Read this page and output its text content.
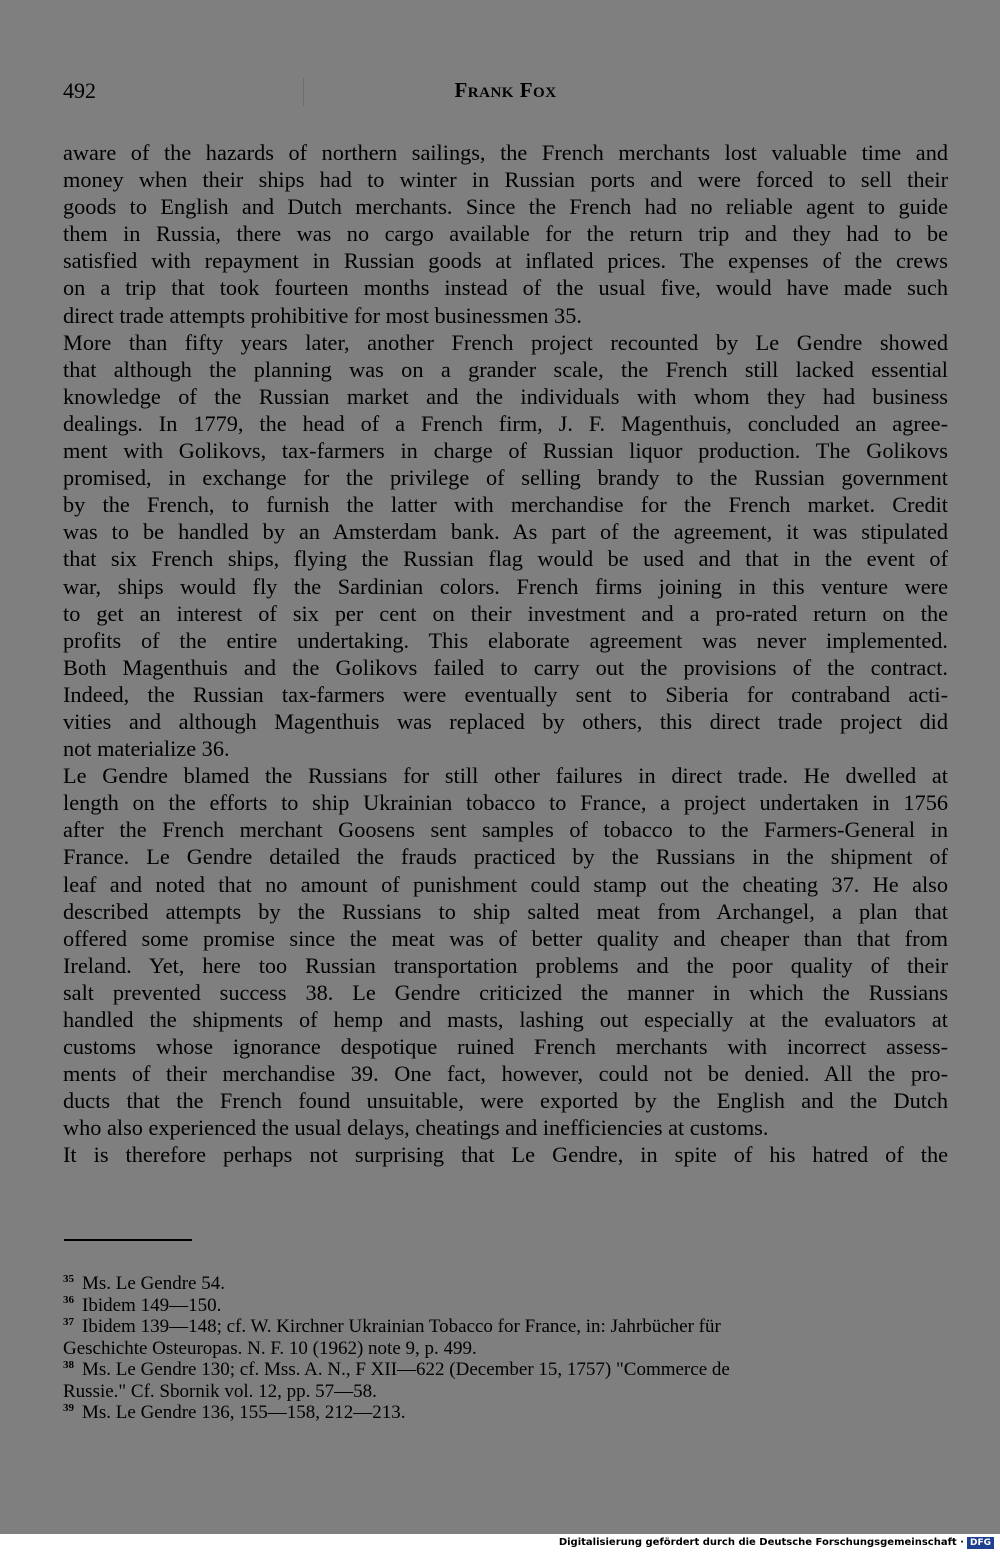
492	Frank Fox
aware of the hazards of northern sailings, the French merchants lost valuable time and
money when their ships had to winter in Russian ports and were forced to sell their
goods to English and Dutch merchants. Since the French had no reliable agent to guide
them in Russia, there was no cargo available for the return trip and they had to be
satisfied with repayment in Russian goods at inflated prices. The expenses of the crews
on a trip that took fourteen months instead of the usual five, would have made such
direct trade attempts prohibitive for most businessmen 35.
More than fifty years later, another French project recounted by Le Gendre showed
that although the planning was on a grander scale, the French still lacked essential
knowledge of the Russian market and the individuals with whom they had business
dealings. In 1779, the head of a French firm, J. F. Magenthuis, concluded an agree-
ment with Golikovs, tax-farmers in charge of Russian liquor production. The Golikovs
promised, in exchange for the privilege of selling brandy to the Russian government
by the French, to furnish the latter with merchandise for the French market. Credit
was to be handled by an Amsterdam bank. As part of the agreement, it was stipulated
that six French ships, flying the Russian flag would be used and that in the event of
war, ships would fly the Sardinian colors. French firms joining in this venture were
to get an interest of six per cent on their investment and a pro-rated return on the
profits of the entire undertaking. This elaborate agreement was never implemented.
Both Magenthuis and the Golikovs failed to carry out the provisions of the contract.
Indeed, the Russian tax-farmers were eventually sent to Siberia for contraband acti-
vities and although Magenthuis was replaced by others, this direct trade project did
not materialize 36.
Le Gendre blamed the Russians for still other failures in direct trade. He dwelled at
length on the efforts to ship Ukrainian tobacco to France, a project undertaken in 1756
after the French merchant Goosens sent samples of tobacco to the Farmers-General in
France. Le Gendre detailed the frauds practiced by the Russians in the shipment of
leaf and noted that no amount of punishment could stamp out the cheating 37. He also
described attempts by the Russians to ship salted meat from Archangel, a plan that
offered some promise since the meat was of better quality and cheaper than that from
Ireland. Yet, here too Russian transportation problems and the poor quality of their
salt prevented success 38. Le Gendre criticized the manner in which the Russians
handled the shipments of hemp and masts, lashing out especially at the evaluators at
customs whose ignorance despotique ruined French merchants with incorrect assess-
ments of their merchandise 39. One fact, however, could not be denied. All the pro-
ducts that the French found unsuitable, were exported by the English and the Dutch
who also experienced the usual delays, cheatings and inefficiencies at customs.
It is therefore perhaps not surprising that Le Gendre, in spite of his hatred of the
$^{35}$ Ms. Le Gendre 54.
$^{36}$ Ibidem 149—150.
$^{37}$ Ibidem 139—148; cf. W. Kirchner Ukrainian Tobacco for France, in: Jahrbücher für
Geschichte Osteuropas. N. F. 10 (1962) note 9, p. 499.
$^{38}$ Ms. Le Gendre 130; cf. Mss. A. N., F XII—622 (December 15, 1757) "Commerce de
Russie." Cf. Sbornik vol. 12, pp. 57—58.
$^{39}$ Ms. Le Gendre 136, 155—158, 212—213.
Digitalisierung gefördert durch die Deutsche Forschungsgemeinschaft · DFG
